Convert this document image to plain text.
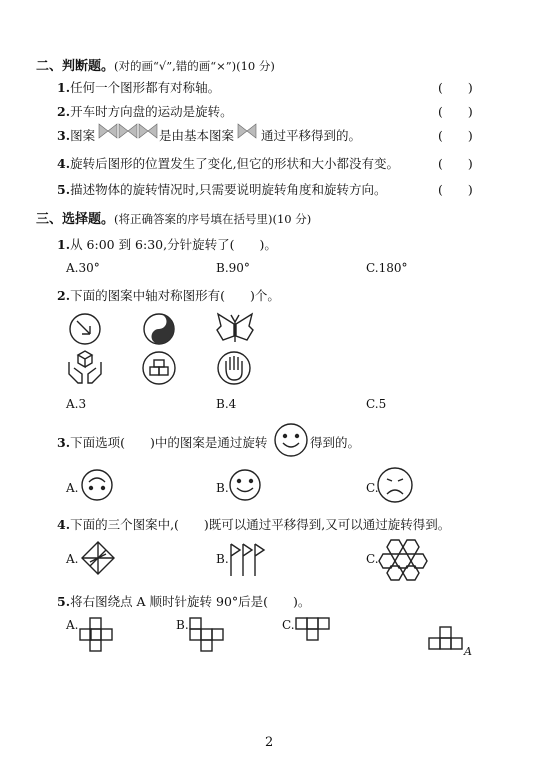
二、判断题。(对的画“√”,错的画“×”)(10 分)
1.任何一个图形都有对称轴。	(　　)
2.开车时方向盘的运动是旋转。	(　　)
3.图案	是由基本图案 通过平移得到的。	(　　)
4.旋转后图形的位置发生了变化,但它的形状和大小都没有变。	(　　)
5.描述物体的旋转情况时,只需要说明旋转角度和旋转方向。	(　　)
三、选择题。(将正确答案的序号填在括号里)(10 分)
1.从 6:00 到 6:30,分针旋转了(　　)。
A.30°	B.90°	C.180°
2.下面的图案中轴对称图形有(　　)个。
A.3	B.4	C.5
3.下面选项(　　)中的图案是通过旋转	得到的。
A.	B.	C.
4.下面的三个图案中,(　　)既可以通过平移得到,又可以通过旋转得到。
A.	B.	C.
5.将右图绕点 A 顺时针旋转 90°后是(　　)。
A.	B.	C.
A
2
